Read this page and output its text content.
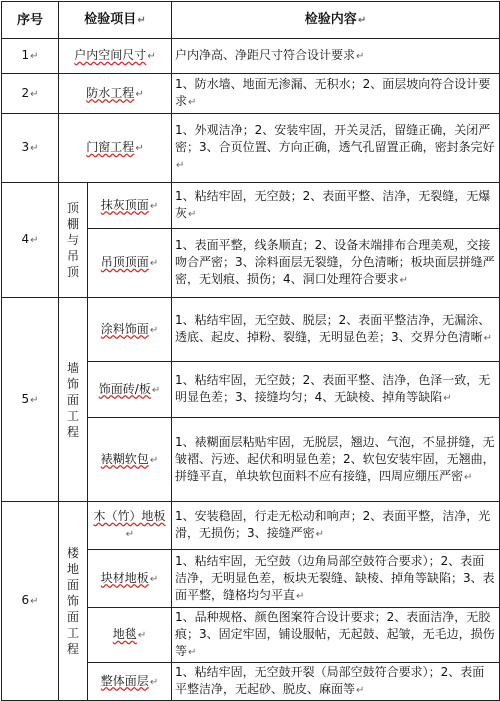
序号	检验项目↵		检验内容↵
1↵	户内空间尺寸↵		户内净高、净距尺寸符合设计要求↵
2↵	防水工程↵		1、防水墙、地面无渗漏、无积水；2、面层坡向符合设计要求↵
3↵	门窗工程↵		1、外观洁净；2、安装牢固，开关灵活，留缝正确，关闭严密；3、合页位置、方向正确，透气孔留置正确，密封条完好↵
4↵	顶棚与吊顶	抹灰顶面↵	1、粘结牢固，无空鼓；2、表面平整、洁净，无裂缝，无爆灰↵
		吊顶顶面↵	1、表面平整，线条顺直；2、设备末端排布合理美观，交接吻合严密；3、涂料面层无裂缝，分色清晰；板块面层拼缝严密，无划痕、损伤；4、洞口处理符合要求↵
5↵	墙饰面工程	涂料饰面↵	1、粘结牢固，无空鼓、脱层；2、表面平整洁净，无漏涂、透底、起皮、掉粉、裂缝，无明显色差；3、交界分色清晰↵
		饰面砖/板↵	1、粘结牢固，无空鼓；2、表面平整、洁净，色泽一致，无明显色差；3、接缝均匀；4、无缺棱、掉角等缺陷↵
		裱糊软包↵	1、裱糊面层粘贴牢固，无脱层，翘边、气泡，不显拼缝，无皱褶、污迹、起伏和明显色差；2、软包安装牢固，无翘曲，拼缝平直，单块软包面料不应有接缝，四周应绷压严密↵
6↵	楼地面饰面工程	木（竹）地板↵	1、安装稳固，行走无松动和响声；2、表面平整，洁净，光滑，无损伤；3、接缝严密↵
		块材地板↵	1、粘结牢固，无空鼓（边角局部空鼓符合要求）；2、表面洁净，无明显色差，板块无裂缝、缺棱、掉角等缺陷；3、表面平整，缝格均匀平直↵
		地毯↵	1、品种规格、颜色图案符合设计要求；2、表面洁净，无胶痕；3、固定牢固，铺设服帖，无起鼓、起皱，无毛边，损伤等↵
		整体面层↵	1、粘结牢固，无空鼓开裂（局部空鼓符合要求）；2、表面平整洁净，无起砂、脱皮、麻面等↵
